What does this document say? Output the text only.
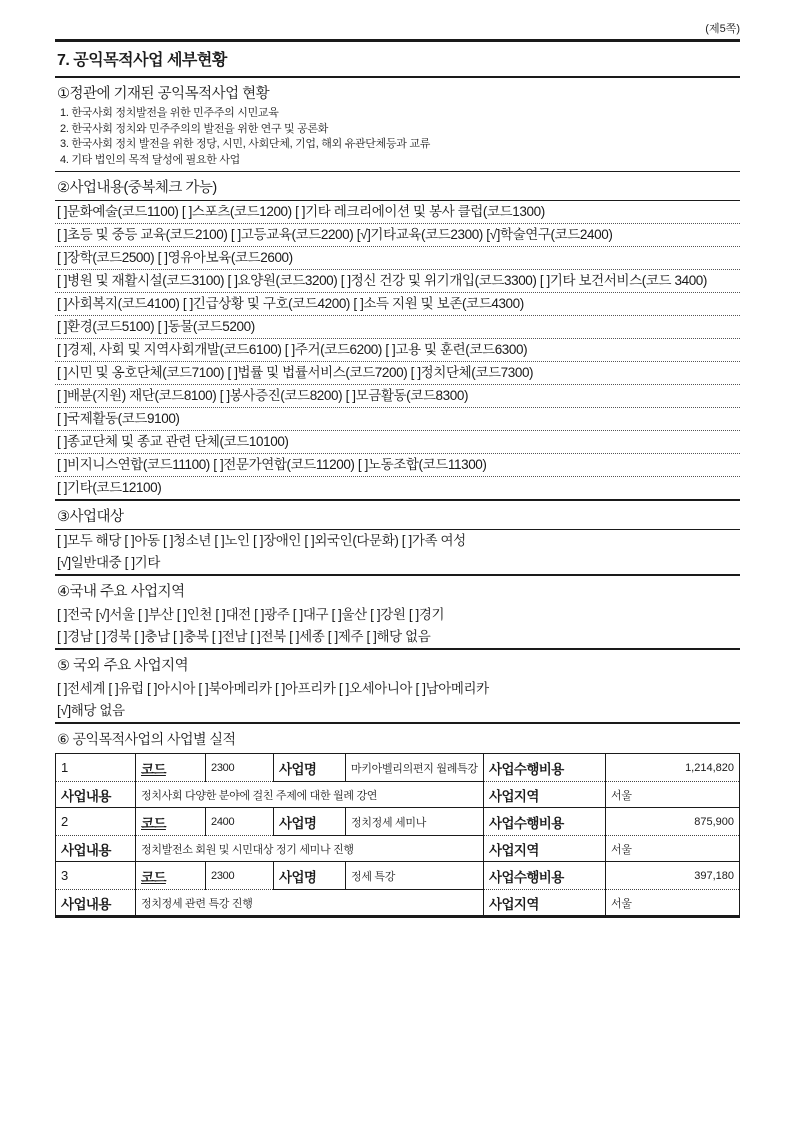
(제5쪽)
7. 공익목적사업 세부현황
①정관에 기재된 공익목적사업 현황
1. 한국사회 정치발전을 위한 민주주의 시민교육
2. 한국사회 정치와 민주주의의 발전을 위한 연구 및 공론화
3. 한국사회 정치 발전을 위한 정당, 시민, 사회단체, 기업, 해외 유관단체등과 교류
4. 기타 법인의 목적 달성에 필요한 사업
②사업내용(중복체크 가능)
[ ]문화예술(코드1100) [ ]스포츠(코드1200) [ ]기타 레크리에이션 및 봉사 클럽(코드1300)
[ ]초등 및 중등 교육(코드2100) [ ]고등교육(코드2200) [√]기타교육(코드2300) [√]학술연구(코드2400)
[ ]장학(코드2500) [ ]영유아보육(코드2600)
[ ]병원 및 재활시설(코드3100) [ ]요양원(코드3200) [ ]정신 건강 및 위기개입(코드3300) [ ]기타 보건서비스(코드 3400)
[ ]사회복지(코드4100) [ ]긴급상황 및 구호(코드4200) [ ]소득 지원 및 보존(코드4300)
[ ]환경(코드5100) [ ]동물(코드5200)
[ ]경제, 사회 및 지역사회개발(코드6100) [ ]주거(코드6200) [ ]고용 및 훈련(코드6300)
[ ]시민 및 옹호단체(코드7100) [ ]법률 및 법률서비스(코드7200) [ ]정치단체(코드7300)
[ ]배분(지원) 재단(코드8100) [ ]봉사증진(코드8200) [ ]모금활동(코드8300)
[ ]국제활동(코드9100)
[ ]종교단체 및 종교 관련 단체(코드10100)
[ ]비지니스연합(코드11100) [ ]전문가연합(코드11200) [ ]노동조합(코드11300)
[ ]기타(코드12100)
③사업대상
[ ]모두 해당 [ ]아동 [ ]청소년 [ ]노인 [ ]장애인 [ ]외국인(다문화) [ ]가족 여성
[√]일반대중 [ ]기타
④국내 주요 사업지역
[ ]전국 [√]서울 [ ]부산 [ ]인천 [ ]대전 [ ]광주 [ ]대구 [ ]울산 [ ]강원 [ ]경기
[ ]경남 [ ]경북 [ ]충남 [ ]충북 [ ]전남 [ ]전북 [ ]세종 [ ]제주 [ ]해당 없음
⑤ 국외 주요 사업지역
[ ]전세계 [ ]유럽 [ ]아시아 [ ]북아메리카 [ ]아프리카 [ ]오세아니아 [ ]남아메리카
[√]해당 없음
⑥ 공익목적사업의 사업별 실적
1	코드	2300	사업명	마키아벨리의편지 월례특강	사업수행비용	1,214,820
사업내용	정치사회 다양한 분야에 걸친 주제에 대한 월례 강연				사업지역	서울
2	코드	2400	사업명	정치정세 세미나	사업수행비용	875,900
사업내용	정치발전소 회원 및 시민대상 정기 세미나 진행				사업지역	서울
3	코드	2300	사업명	정세 특강	사업수행비용	397,180
사업내용	정치정세 관련 특강 진행				사업지역	서울
